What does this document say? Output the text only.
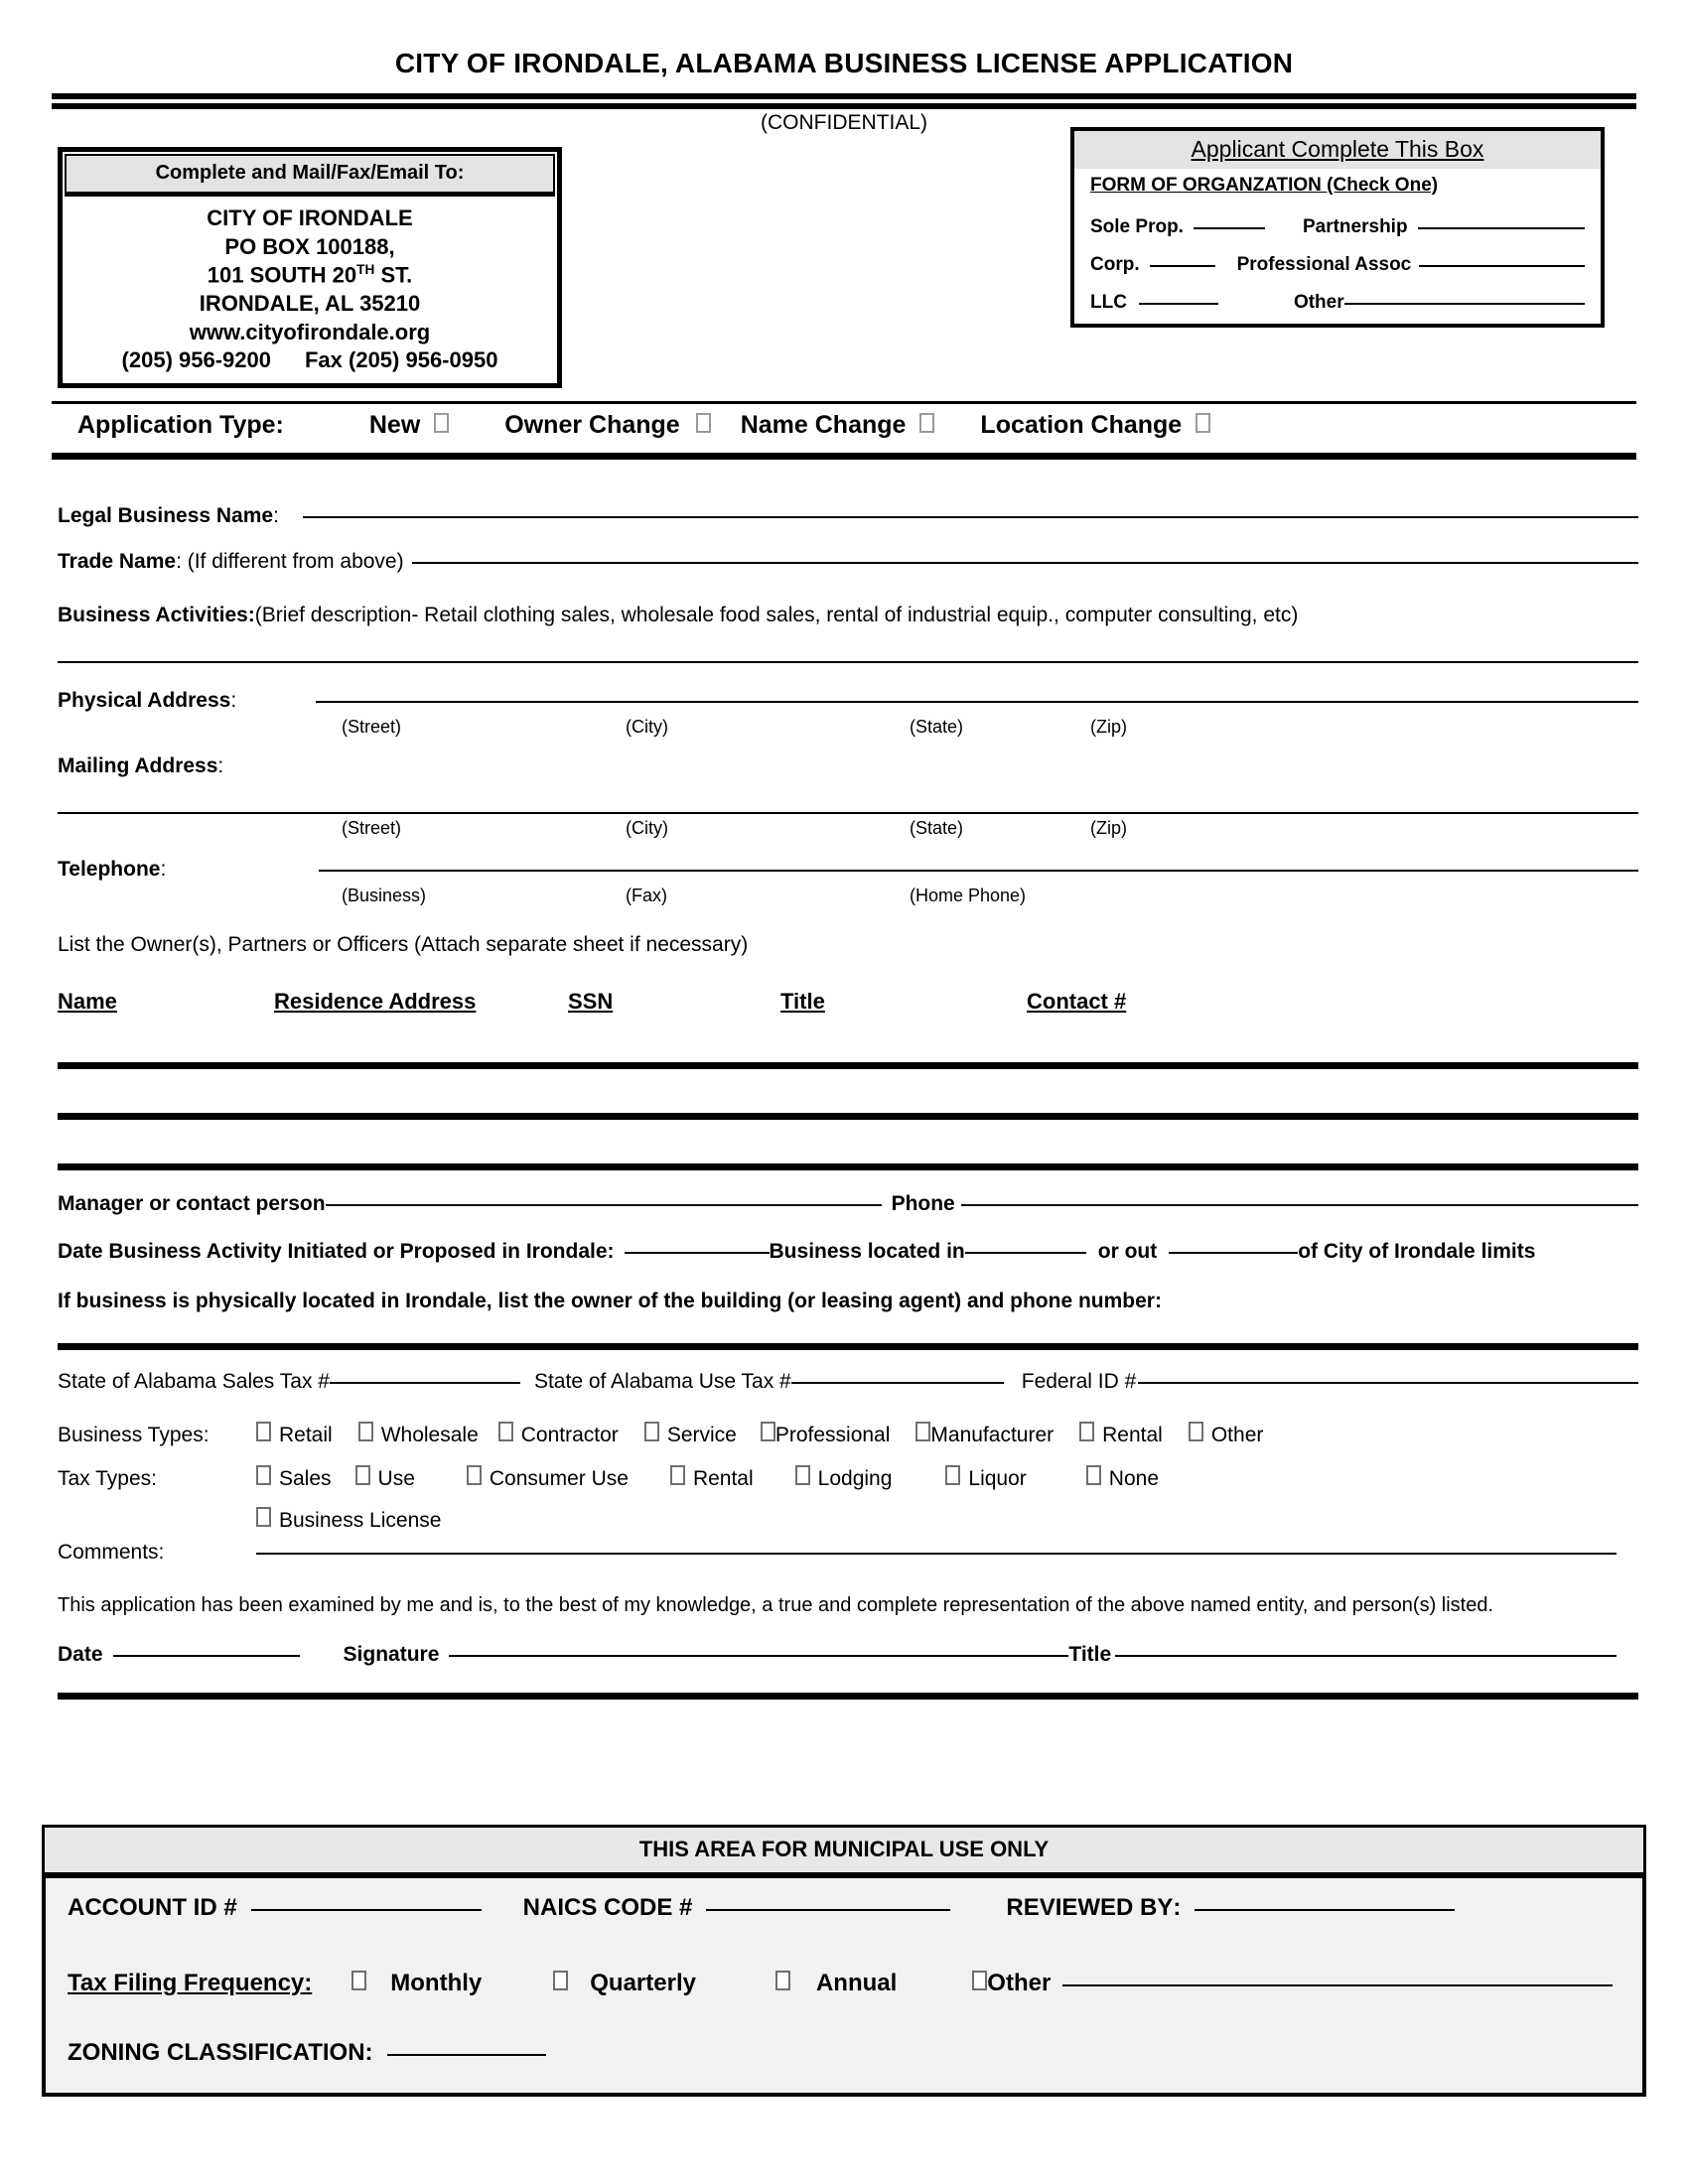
CITY OF IRONDALE, ALABAMA BUSINESS LICENSE APPLICATION
(CONFIDENTIAL)
Complete and Mail/Fax/Email To:
CITY OF IRONDALE
PO BOX 100188,
101 SOUTH 20TH ST.
IRONDALE, AL 35210
www.cityofirondale.org
(205) 956-9200 Fax (205) 956-0950
Applicant Complete This Box
FORM OF ORGANZATION (Check One)
Sole Prop.	Partnership
Corp.	Professional Assoc
LLC	Other
Application Type:	New	Owner Change Name Change	Location Change
Legal Business Name :
Trade Name : (If different from above)
Business Activities: (Brief description- Retail clothing sales, wholesale food sales, rental of industrial equip., computer consulting, etc)
Physical Address :
(Street)	(City)	(State)	(Zip)
Mailing Address :
(Street)	(City)	(State)	(Zip)
Telephone :
(Business)	(Fax)	(Home Phone)
List the Owner(s), Partners or Officers (Attach separate sheet if necessary)
Name	Residence Address	SSN	Title	Contact #
Manager or contact person	Phone
Date Business Activity Initiated or Proposed in Irondale :	Business located in	or out	of City of Irondale limits
If business is physically located in Irondale, list the owner of the building (or leasing agent) and phone number:
State of Alabama Sales Tax #	State of Alabama Use Tax #	Federal ID #
Business Types:	Retail Wholesale Contractor Service Professional Manufacturer Rental Other
Tax Types:	Sales Use	Consumer Use	Rental	Lodging	Liquor	None
Business License
Comments:
This application has been examined by me and is, to the best of my knowledge, a true and complete representation of the above named entity, and person(s) listed.
Date	Signature	Title
THIS AREA FOR MUNICIPAL USE ONLY
ACCOUNT ID #	NAICS CODE #	REVIEWED BY :
Tax Filing Frequency:	Monthly	Quarterly	Annual	Other
ZONING CLASSIFICATION:
